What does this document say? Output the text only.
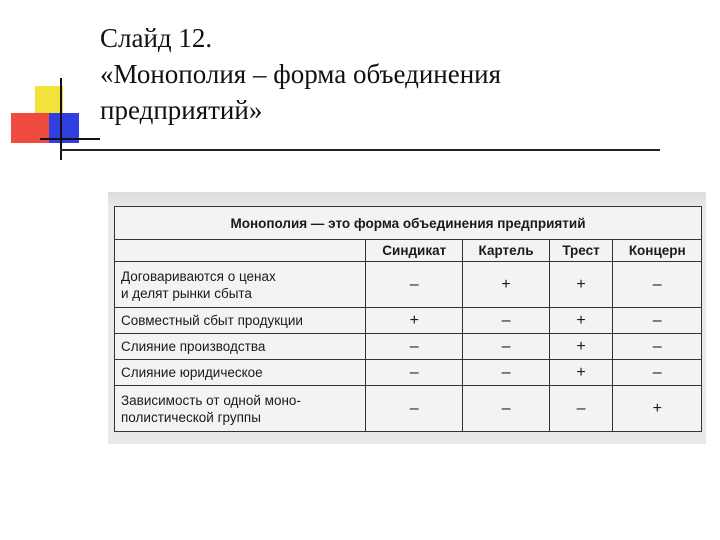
Слайд 12.
«Монополия – форма объединения
предприятий»
Монополия — это форма объединения предприятий				
	Синдикат	Картель	Трест	Концерн

Договариваются о ценах
и делят рынки сбыта	–	+	+	–
Совместный сбыт продукции	+	–	+	–
Слияние производства	–	–	+	–
Слияние юридическое	–	–	+	–

Зависимость от одной моно-
полистической группы	–	–	–	+
